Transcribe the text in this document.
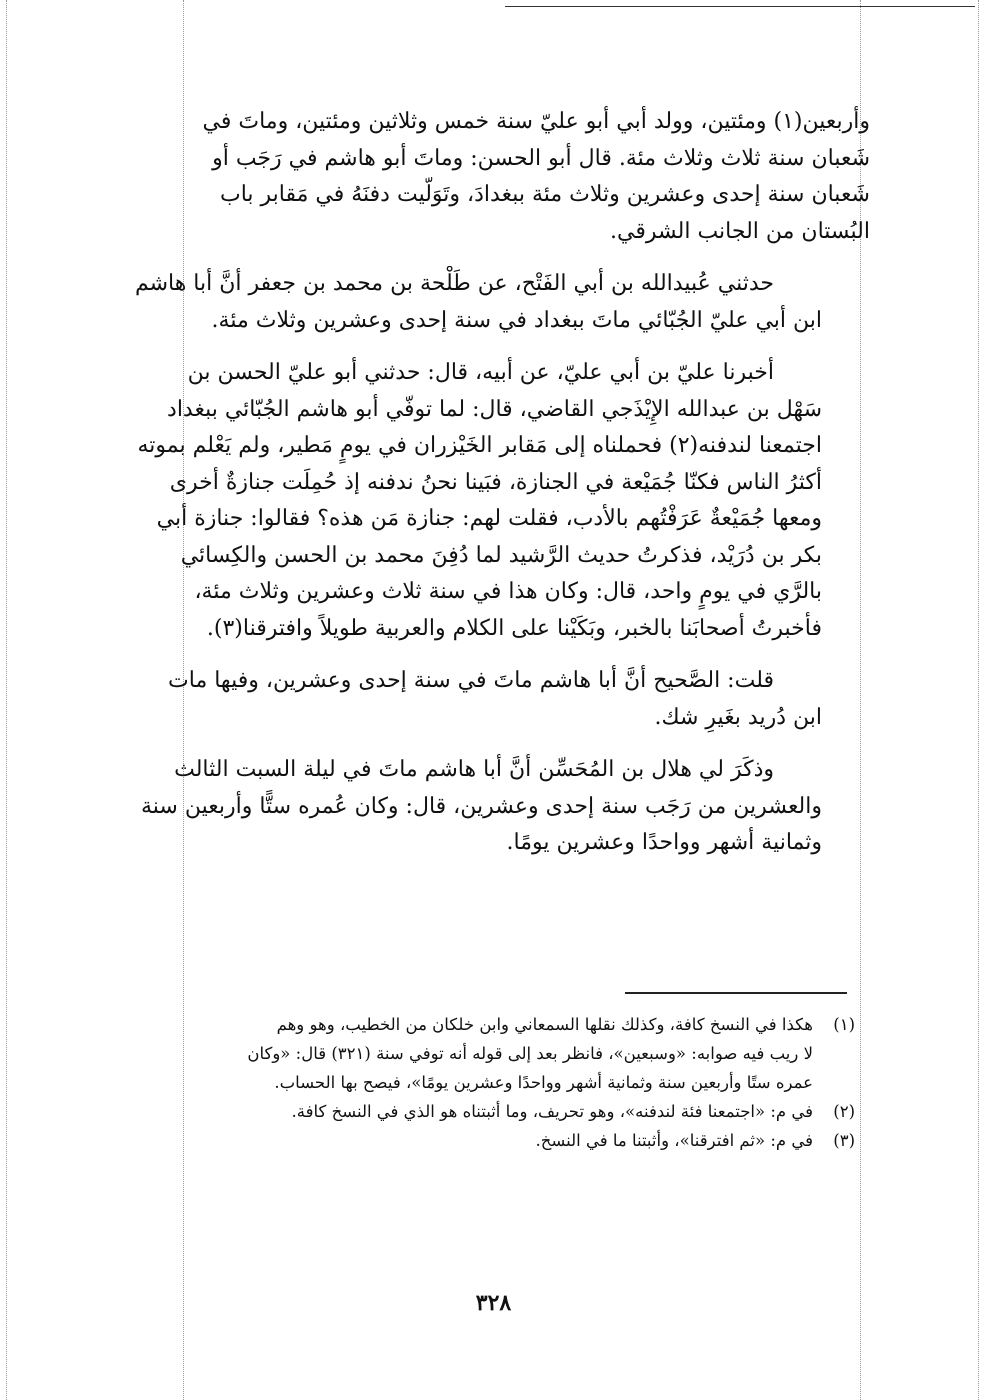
وأربعين(١) ومئتين، وولد أبي أبو عليّ سنة خمس وثلاثين ومئتين، وماتَ في
شَعبان سنة ثلاث وثلاث مئة. قال أبو الحسن: وماتَ أبو هاشم في رَجَب أو
شَعبان سنة إحدى وعشرين وثلاث مئة ببغدادَ، وتَوَلَّيت دفنَهُ في مَقابر باب
البُستان من الجانب الشرقي.
حدثني عُبيدالله بن أبي الفَتْح، عن طَلْحة بن محمد بن جعفر أنَّ أبا هاشم
ابن أبي عليّ الجُبّائي ماتَ ببغداد في سنة إحدى وعشرين وثلاث مئة.
أخبرنا عليّ بن أبي عليّ، عن أبيه، قال: حدثني أبو عليّ الحسن بن
سَهْل بن عبدالله الإِيْذَجي القاضي، قال: لما توفّي أبو هاشم الجُبّائي ببغداد
اجتمعنا لندفنه(٢) فحملناه إلى مَقابر الخَيْزران في يومٍ مَطير، ولم يَعْلم بموته
أكثرُ الناس فكنّا جُمَيْعة في الجنازة، فبَينا نحنُ ندفنه إذ حُمِلَت جنازةٌ أخرى
ومعها جُمَيْعةٌ عَرَفْتُهم بالأدب، فقلت لهم: جنازة مَن هذه؟ فقالوا: جنازة أبي
بكر بن دُرَيْد، فذكرتُ حديث الرَّشيد لما دُفِنَ محمد بن الحسن والكِسائي
بالرَّي في يومٍ واحد، قال: وكان هذا في سنة ثلاث وعشرين وثلاث مئة،
فأخبرتُ أصحابَنا بالخبر، وبَكَيْنا على الكلام والعربية طويلاً وافترقنا(٣).
قلت: الصَّحيح أنَّ أبا هاشم ماتَ في سنة إحدى وعشرين، وفيها مات
ابن دُريد بغَيرِ شك.
وذكَرَ لي هلال بن المُحَسِّن أنَّ أبا هاشم ماتَ في ليلة السبت الثالث
والعشرين من رَجَب سنة إحدى وعشرين، قال: وكان عُمره ستًّا وأربعين سنة
وثمانية أشهر وواحدًا وعشرين يومًا.
(١)
هكذا في النسخ كافة، وكذلك نقلها السمعاني وابن خلكان من الخطيب، وهو وهم
لا ريب فيه صوابه: «وسبعين»، فانظر بعد إلى قوله أنه توفي سنة (٣٢١) قال: «وكان
عمره ستًا وأربعين سنة وثمانية أشهر وواحدًا وعشرين يومًا»، فيصح بها الحساب.
(٢)
في م: «اجتمعنا فئة لندفنه»، وهو تحريف، وما أثبتناه هو الذي في النسخ كافة.
(٣)
في م: «ثم افترقنا»، وأثبتنا ما في النسخ.
٣٢٨
